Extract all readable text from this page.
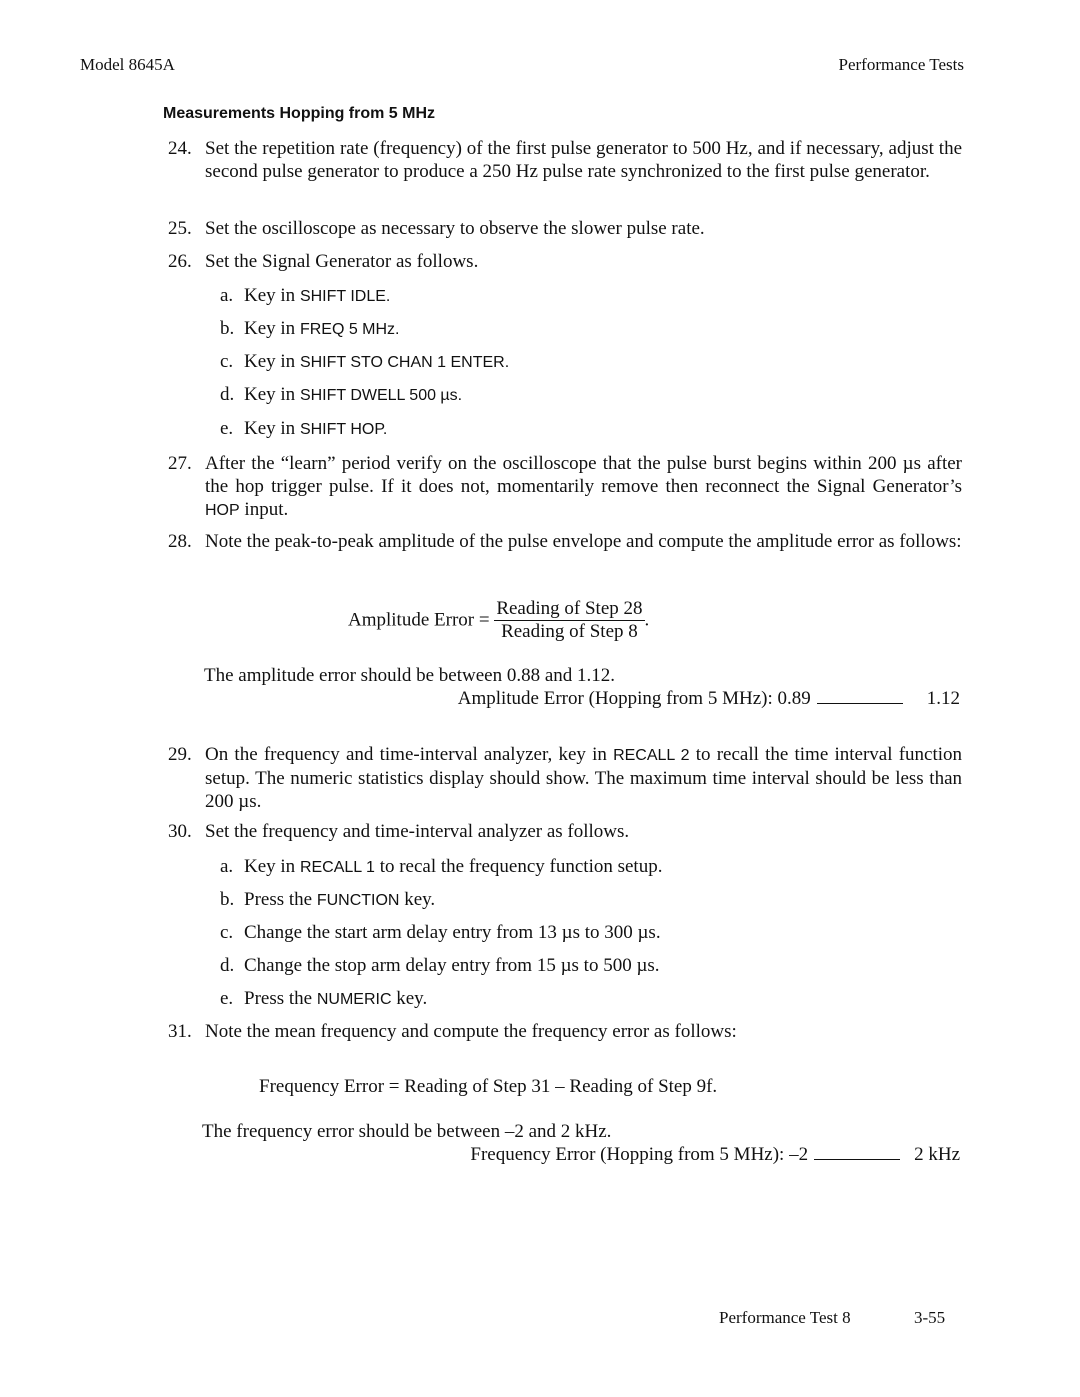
Model 8645A	Performance Tests
Measurements Hopping from 5 MHz
24. Set the repetition rate (frequency) of the first pulse generator to 500 Hz, and if necessary, adjust the second pulse generator to produce a 250 Hz pulse rate synchronized to the first pulse generator.
25. Set the oscilloscope as necessary to observe the slower pulse rate.
26. Set the Signal Generator as follows.
a. Key in SHIFT IDLE.
b. Key in FREQ 5 MHz.
c. Key in SHIFT STO CHAN 1 ENTER.
d. Key in SHIFT DWELL 500 µs.
e. Key in SHIFT HOP.
27. After the “learn” period verify on the oscilloscope that the pulse burst begins within 200 µs after the hop trigger pulse. If it does not, momentarily remove then reconnect the Signal Generator’s HOP input.
28. Note the peak-to-peak amplitude of the pulse envelope and compute the amplitude error as follows:
Amplitude Error = $\frac{\text{Reading of Step 28}}{\text{Reading of Step 8}}$ .
The amplitude error should be between 0.88 and 1.12.
Amplitude Error (Hopping from 5 MHz): 0.89	1.12
29. On the frequency and time-interval analyzer, key in RECALL 2 to recall the time interval function setup. The numeric statistics display should show. The maximum time interval should be less than 200 µs.
30. Set the frequency and time-interval analyzer as follows.
a. Key in RECALL 1 to recal the frequency function setup.
b. Press the FUNCTION key.
c. Change the start arm delay entry from 13 µs to 300 µs.
d. Change the stop arm delay entry from 15 µs to 500 µs.
e. Press the NUMERIC key.
31. Note the mean frequency and compute the frequency error as follows:
Frequency Error = Reading of Step 31 – Reading of Step 9f.
The frequency error should be between –2 and 2 kHz.
Frequency Error (Hopping from 5 MHz): –2	2 kHz
Performance Test 8	3-55
